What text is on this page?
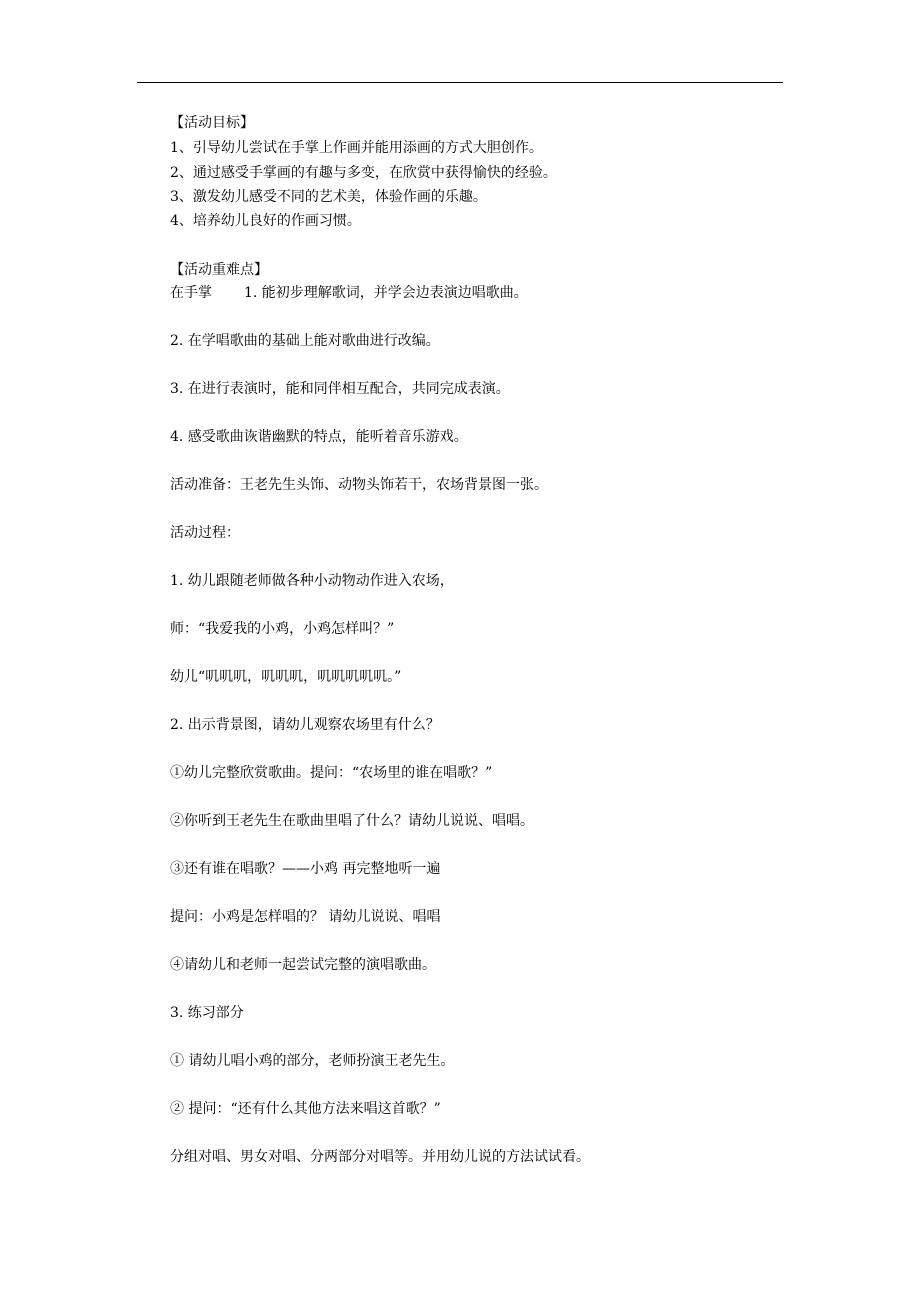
【活动目标】
1、引导幼儿尝试在手掌上作画并能用添画的方式大胆创作。
2、通过感受手掌画的有趣与多变，在欣赏中获得愉快的经验。
3、激发幼儿感受不同的艺术美，体验作画的乐趣。
4、培养幼儿良好的作画习惯。
【活动重难点】
在手掌 1. 能初步理解歌词，并学会边表演边唱歌曲。
2. 在学唱歌曲的基础上能对歌曲进行改编。
3. 在进行表演时，能和同伴相互配合，共同完成表演。
4. 感受歌曲诙谐幽默的特点，能听着音乐游戏。
活动准备：王老先生头饰、动物头饰若干，农场背景图一张。
活动过程：
1. 幼儿跟随老师做各种小动物动作进入农场，
师：“我爱我的小鸡，小鸡怎样叫？”
幼儿“叽叽叽，叽叽叽，叽叽叽叽叽。”
2. 出示背景图，请幼儿观察农场里有什么？
①幼儿完整欣赏歌曲。提问：“农场里的谁在唱歌？”
②你听到王老先生在歌曲里唱了什么？请幼儿说说、唱唱。
③还有谁在唱歌？——小鸡 再完整地听一遍
提问：小鸡是怎样唱的？ 请幼儿说说、唱唱
④请幼儿和老师一起尝试完整的演唱歌曲。
3. 练习部分
① 请幼儿唱小鸡的部分，老师扮演王老先生。
② 提问：“还有什么其他方法来唱这首歌？”
分组对唱、男女对唱、分两部分对唱等。并用幼儿说的方法试试看。
